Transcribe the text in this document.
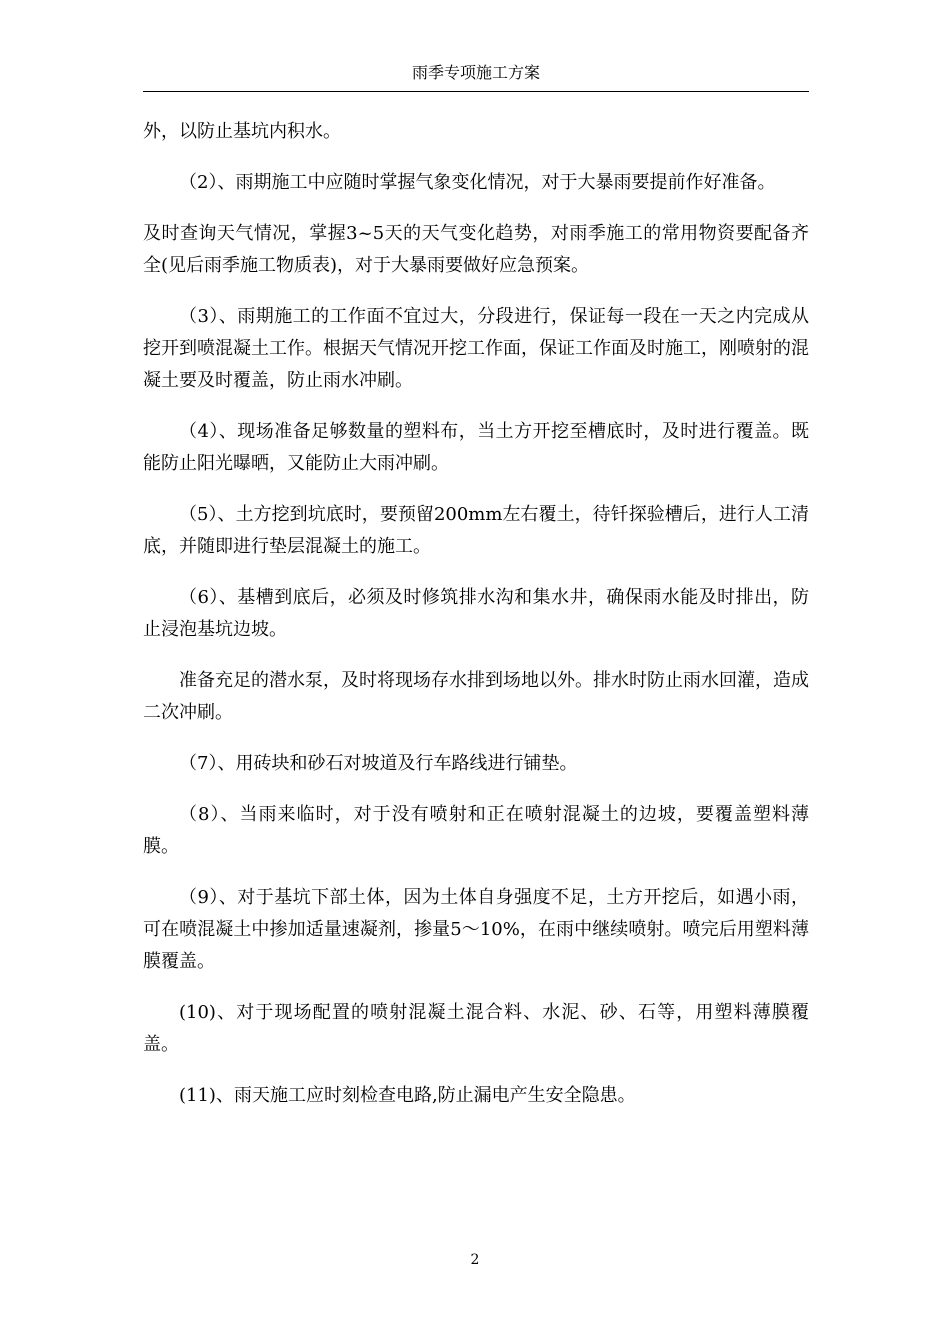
雨季专项施工方案

外，以防止基坑内积水。

（2）、雨期施工中应随时掌握气象变化情况，对于大暴雨要提前作好准备。

及时查询天气情况，掌握3~5天的天气变化趋势，对雨季施工的常用物资要配备齐全(见后雨季施工物质表)，对于大暴雨要做好应急预案。

（3）、雨期施工的工作面不宜过大，分段进行，保证每一段在一天之内完成从挖开到喷混凝土工作。根据天气情况开挖工作面，保证工作面及时施工，刚喷射的混凝土要及时覆盖，防止雨水冲刷。

（4）、现场准备足够数量的塑料布，当土方开挖至槽底时，及时进行覆盖。既能防止阳光曝晒，又能防止大雨冲刷。

（5）、土方挖到坑底时，要预留200mm左右覆土，待钎探验槽后，进行人工清底，并随即进行垫层混凝土的施工。

（6）、基槽到底后，必须及时修筑排水沟和集水井，确保雨水能及时排出，防止浸泡基坑边坡。

准备充足的潜水泵，及时将现场存水排到场地以外。排水时防止雨水回灌，造成二次冲刷。

（7）、用砖块和砂石对坡道及行车路线进行铺垫。

（8）、当雨来临时，对于没有喷射和正在喷射混凝土的边坡，要覆盖塑料薄膜。

（9）、对于基坑下部土体，因为土体自身强度不足，土方开挖后，如遇小雨，可在喷混凝土中掺加适量速凝剂，掺量5～10%，在雨中继续喷射。喷完后用塑料薄膜覆盖。

(10)、对于现场配置的喷射混凝土混合料、水泥、砂、石等，用塑料薄膜覆盖。

(11)、雨天施工应时刻检查电路,防止漏电产生安全隐患。

2
